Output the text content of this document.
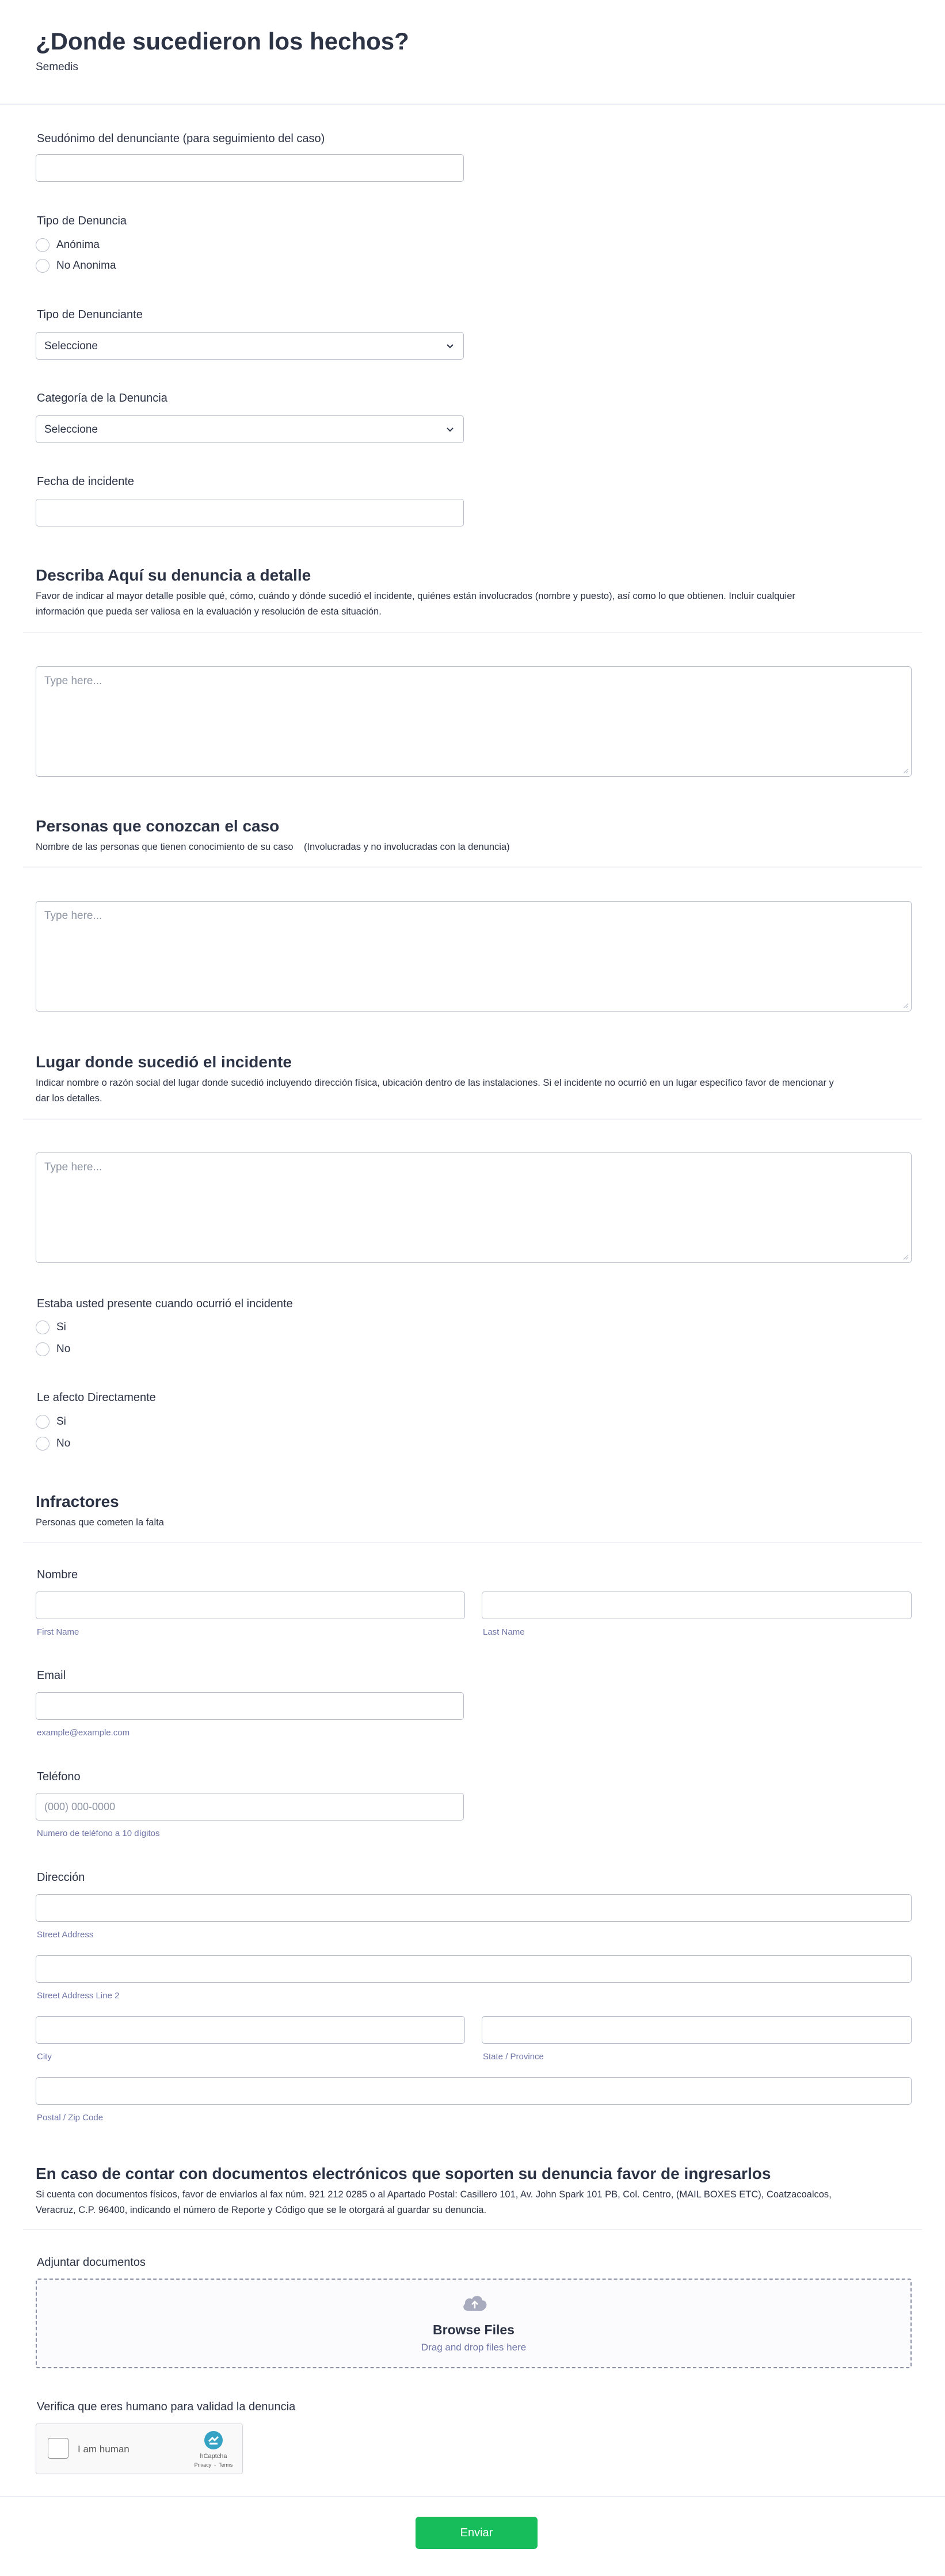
¿Donde sucedieron los hechos?
Semedis
Seudónimo del denunciante (para seguimiento del caso)
Tipo de Denuncia
Anónima
No Anonima
Tipo de Denunciante
Seleccione
Categoría de la Denuncia
Seleccione
Fecha de incidente
Describa Aquí su denuncia a detalle
Favor de indicar al mayor detalle posible qué, cómo, cuándo y dónde sucedió el incidente, quiénes están involucrados (nombre y puesto), así como lo que obtienen. Incluir cualquier
información que pueda ser valiosa en la evaluación y resolución de esta situación.
Type here...
Personas que conozcan el caso
Nombre de las personas que tienen conocimiento de su caso    (Involucradas y no involucradas con la denuncia)
Type here...
Lugar donde sucedió el incidente
Indicar nombre o razón social del lugar donde sucedió incluyendo dirección física, ubicación dentro de las instalaciones. Si el incidente no ocurrió en un lugar específico favor de mencionar y
dar los detalles.
Type here...
Estaba usted presente cuando ocurrió el incidente
Si
No
Le afecto Directamente
Si
No
Infractores
Personas que cometen la falta
Nombre
First Name	Last Name
Email
example@example.com
Teléfono
(000) 000-0000
Numero de teléfono a 10 dígitos
Dirección
Street Address
Street Address Line 2
City	State / Province
Postal / Zip Code
En caso de contar con documentos electrónicos que soporten su denuncia favor de ingresarlos
Si cuenta con documentos físicos, favor de enviarlos al fax núm. 921 212 0285 o al Apartado Postal: Casillero 101, Av. John Spark 101 PB, Col. Centro, (MAIL BOXES ETC), Coatzacoalcos,
Veracruz, C.P. 96400, indicando el número de Reporte y Código que se le otorgará al guardar su denuncia.
Adjuntar documentos
Browse Files
Drag and drop files here
Verifica que eres humano para validad la denuncia
I am human
hCaptcha
Privacy  -  Terms
Enviar
